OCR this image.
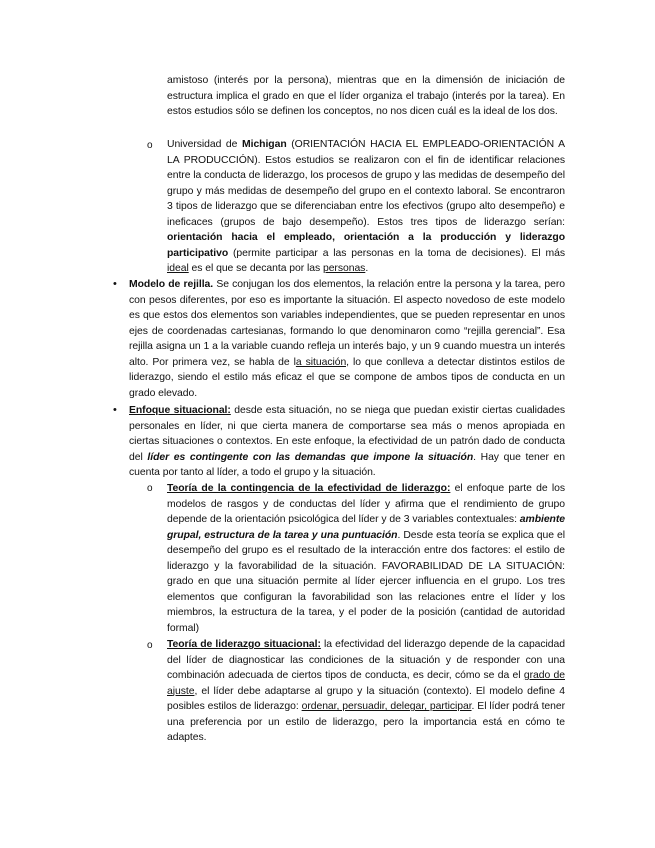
amistoso (interés por la persona), mientras que en la dimensión de iniciación de estructura implica el grado en que el líder organiza el trabajo (interés por la tarea). En estos estudios sólo se definen los conceptos, no nos dicen cuál es la ideal de los dos.
o Universidad de Michigan (ORIENTACIÓN HACIA EL EMPLEADO-ORIENTACIÓN A LA PRODUCCIÓN). Estos estudios se realizaron con el fin de identificar relaciones entre la conducta de liderazgo, los procesos de grupo y las medidas de desempeño del grupo y más medidas de desempeño del grupo en el contexto laboral. Se encontraron 3 tipos de liderazgo que se diferenciaban entre los efectivos (grupo alto desempeño) e ineficaces (grupos de bajo desempeño). Estos tres tipos de liderazgo serían: orientación hacia el empleado, orientación a la producción y liderazgo participativo (permite participar a las personas en la toma de decisiones). El más ideal es el que se decanta por las personas.
• Modelo de rejilla. Se conjugan los dos elementos, la relación entre la persona y la tarea, pero con pesos diferentes, por eso es importante la situación. El aspecto novedoso de este modelo es que estos dos elementos son variables independientes, que se pueden representar en unos ejes de coordenadas cartesianas, formando lo que denominaron como “rejilla gerencial”. Esa rejilla asigna un 1 a la variable cuando refleja un interés bajo, y un 9 cuando muestra un interés alto. Por primera vez, se habla de la situación, lo que conlleva a detectar distintos estilos de liderazgo, siendo el estilo más eficaz el que se compone de ambos tipos de conducta en un grado elevado.
• Enfoque situacional: desde esta situación, no se niega que puedan existir ciertas cualidades personales en líder, ni que cierta manera de comportarse sea más o menos apropiada en ciertas situaciones o contextos. En este enfoque, la efectividad de un patrón dado de conducta del líder es contingente con las demandas que impone la situación. Hay que tener en cuenta por tanto al líder, a todo el grupo y la situación.
o Teoría de la contingencia de la efectividad de liderazgo: el enfoque parte de los modelos de rasgos y de conductas del líder y afirma que el rendimiento de grupo depende de la orientación psicológica del líder y de 3 variables contextuales: ambiente grupal, estructura de la tarea y una puntuación. Desde esta teoría se explica que el desempeño del grupo es el resultado de la interacción entre dos factores: el estilo de liderazgo y la favorabilidad de la situación. FAVORABILIDAD DE LA SITUACIÓN: grado en que una situación permite al líder ejercer influencia en el grupo. Los tres elementos que configuran la favorabilidad son las relaciones entre el líder y los miembros, la estructura de la tarea, y el poder de la posición (cantidad de autoridad formal)
o Teoría de liderazgo situacional: la efectividad del liderazgo depende de la capacidad del líder de diagnosticar las condiciones de la situación y de responder con una combinación adecuada de ciertos tipos de conducta, es decir, cómo se da el grado de ajuste, el líder debe adaptarse al grupo y la situación (contexto). El modelo define 4 posibles estilos de liderazgo: ordenar, persuadir, delegar, participar. El líder podrá tener una preferencia por un estilo de liderazgo, pero la importancia está en cómo te adaptes.
